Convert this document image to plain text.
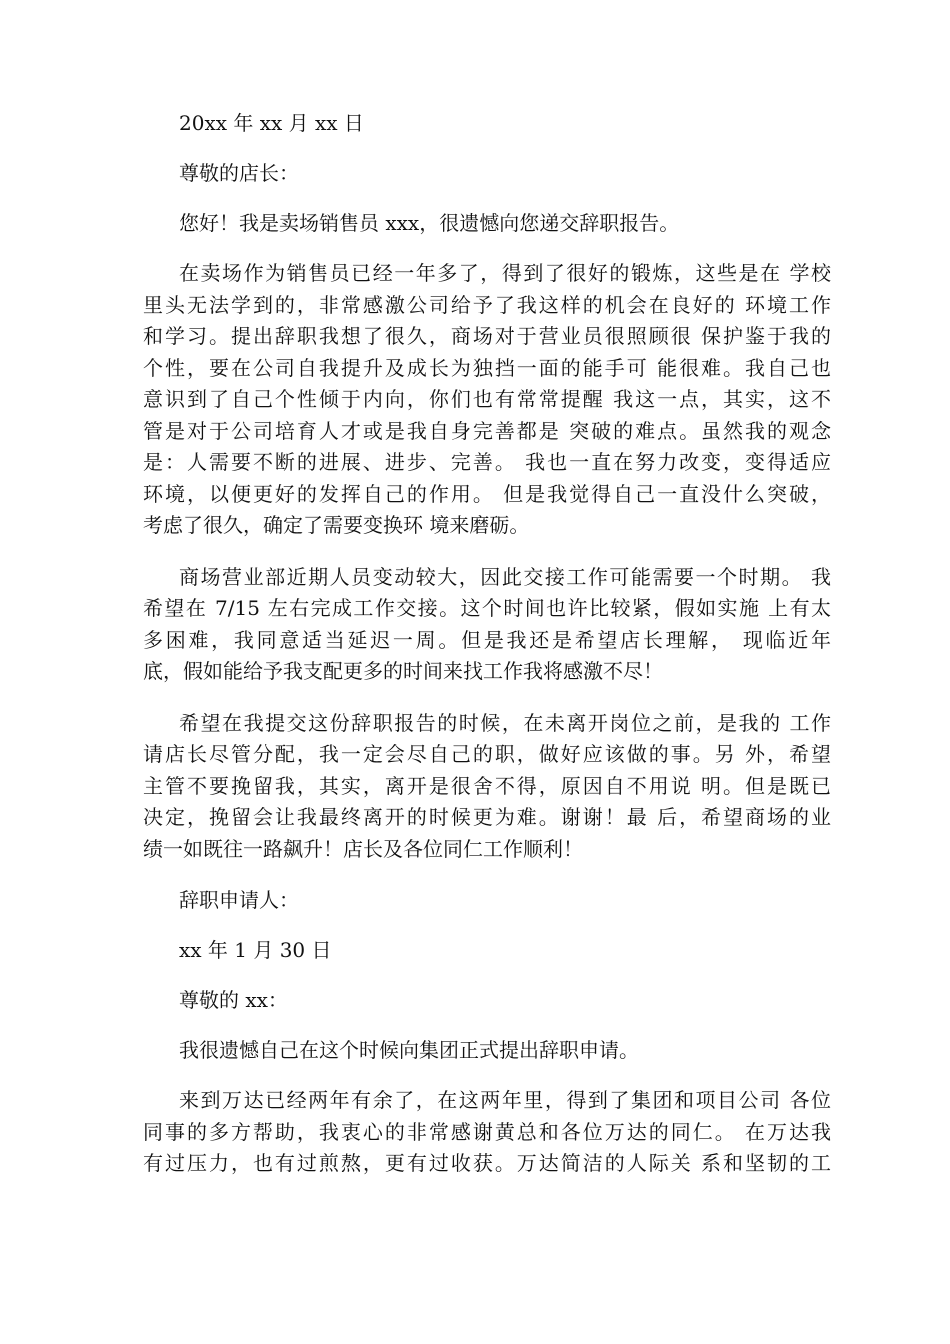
20xx 年 xx 月 xx 日

尊敬的店长：

您好！我是卖场销售员 xxx，很遗憾向您递交辞职报告。

在卖场作为销售员已经一年多了，得到了很好的锻炼，这些是在 学校

里头无法学到的，非常感激公司给予了我这样的机会在良好的 环境工作

和学习。提出辞职我想了很久，商场对于营业员很照顾很 保护鉴于我的

个性，要在公司自我提升及成长为独挡一面的能手可 能很难。我自己也

意识到了自己个性倾于内向，你们也有常常提醒 我这一点，其实，这不

管是对于公司培育人才或是我自身完善都是 突破的难点。虽然我的观念

是：人需要不断的进展、进步、完善。 我也一直在努力改变，变得适应

环境，以便更好的发挥自己的作用。 但是我觉得自己一直没什么突破，

考虑了很久，确定了需要变换环 境来磨砺。

商场营业部近期人员变动较大，因此交接工作可能需要一个时期。 我

希望在 7/15 左右完成工作交接。这个时间也许比较紧，假如实施 上有太

多困难，我同意适当延迟一周。但是我还是希望店长理解， 现临近年

底，假如能给予我支配更多的时间来找工作我将感激不尽！

希望在我提交这份辞职报告的时候，在未离开岗位之前，是我的 工作

请店长尽管分配，我一定会尽自己的职，做好应该做的事。另 外，希望

主管不要挽留我，其实，离开是很舍不得，原因自不用说 明。但是既已

决定，挽留会让我最终离开的时候更为难。谢谢！最 后，希望商场的业

绩一如既往一路飙升！店长及各位同仁工作顺利！

辞职申请人：

xx 年 1 月 30 日

尊敬的 xx：

我很遗憾自己在这个时候向集团正式提出辞职申请。

来到万达已经两年有余了，在这两年里，得到了集团和项目公司 各位

同事的多方帮助，我衷心的非常感谢黄总和各位万达的同仁。 在万达我

有过压力，也有过煎熬，更有过收获。万达简洁的人际关 系和坚韧的工
